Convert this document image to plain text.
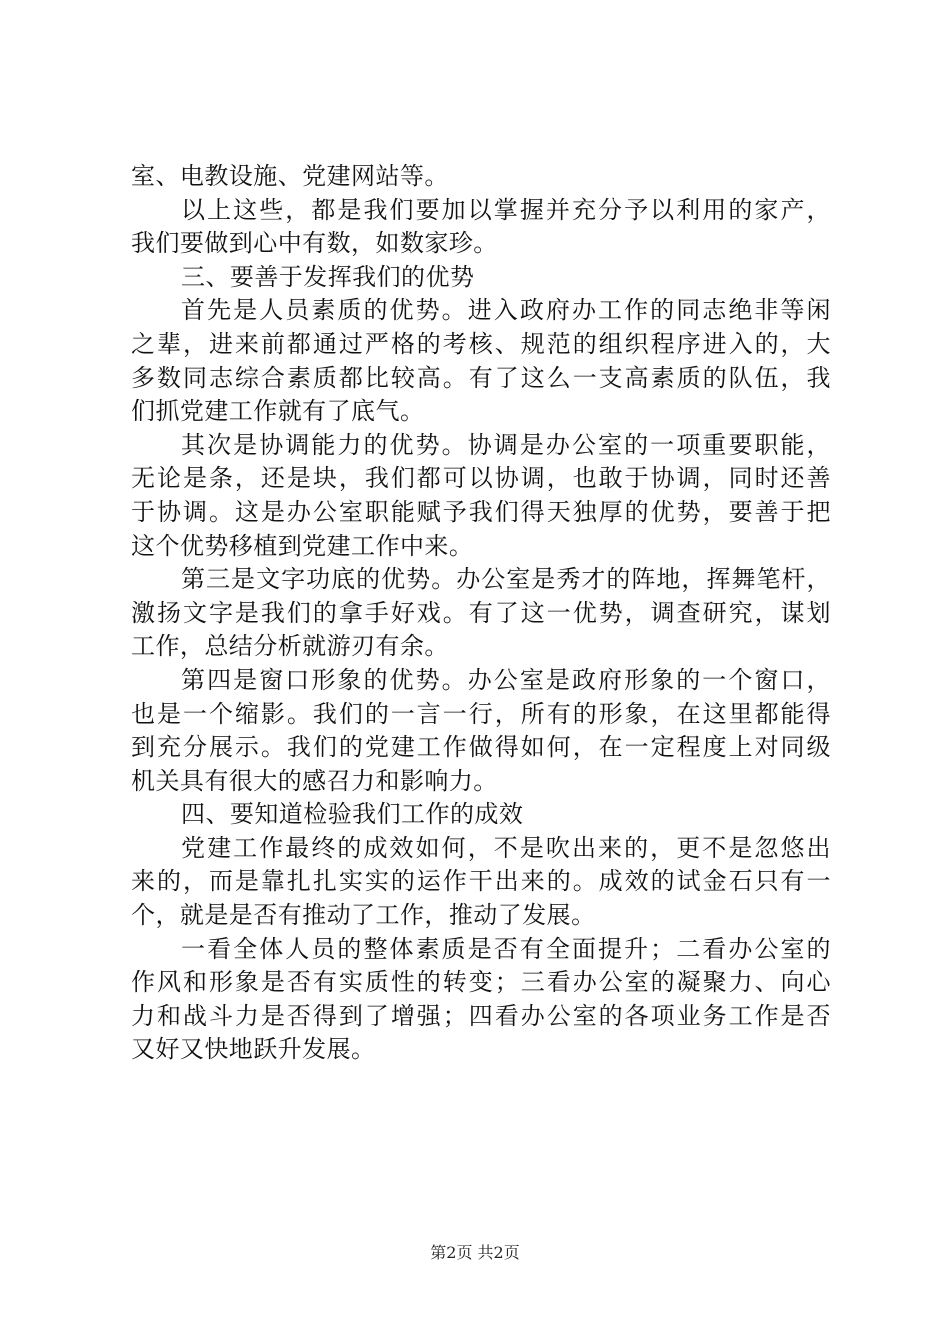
室、电教设施、党建网站等。
以上这些，都是我们要加以掌握并充分予以利用的家产，
我们要做到心中有数，如数家珍。
三、要善于发挥我们的优势
首先是人员素质的优势。进入政府办工作的同志绝非等闲
之辈，进来前都通过严格的考核、规范的组织程序进入的，大
多数同志综合素质都比较高。有了这么一支高素质的队伍，我
们抓党建工作就有了底气。
其次是协调能力的优势。协调是办公室的一项重要职能，
无论是条，还是块，我们都可以协调，也敢于协调，同时还善
于协调。这是办公室职能赋予我们得天独厚的优势，要善于把
这个优势移植到党建工作中来。
第三是文字功底的优势。办公室是秀才的阵地，挥舞笔杆，
激扬文字是我们的拿手好戏。有了这一优势，调查研究，谋划
工作，总结分析就游刃有余。
第四是窗口形象的优势。办公室是政府形象的一个窗口，
也是一个缩影。我们的一言一行，所有的形象，在这里都能得
到充分展示。我们的党建工作做得如何，在一定程度上对同级
机关具有很大的感召力和影响力。
四、要知道检验我们工作的成效
党建工作最终的成效如何，不是吹出来的，更不是忽悠出
来的，而是靠扎扎实实的运作干出来的。成效的试金石只有一
个，就是是否有推动了工作，推动了发展。
一看全体人员的整体素质是否有全面提升；二看办公室的
作风和形象是否有实质性的转变；三看办公室的凝聚力、向心
力和战斗力是否得到了增强；四看办公室的各项业务工作是否
又好又快地跃升发展。
第2页 共2页
